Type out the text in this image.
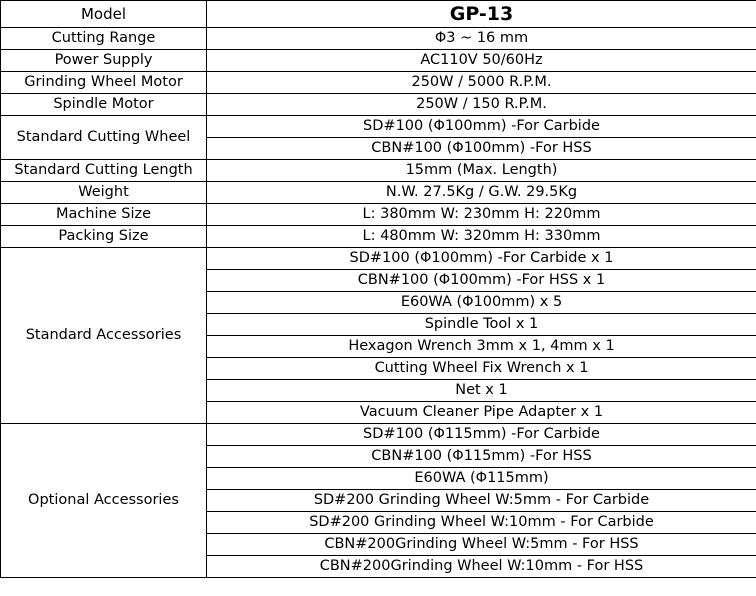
Model	GP-13
Cutting Range	Φ3 ~ 16 mm
Power Supply	AC110V 50/60Hz
Grinding Wheel Motor	250W / 5000 R.P.M.
Spindle Motor	250W / 150 R.P.M.
Standard Cutting Wheel	SD#100 (Φ100mm) -For Carbide
	CBN#100 (Φ100mm) -For HSS
Standard Cutting Length	15mm (Max. Length)
Weight	N.W. 27.5Kg / G.W. 29.5Kg
Machine Size	L: 380mm W: 230mm H: 220mm
Packing Size	L: 480mm W: 320mm H: 330mm
Standard Accessories	SD#100 (Φ100mm) -For Carbide x 1
	CBN#100 (Φ100mm) -For HSS x 1
	E60WA (Φ100mm) x 5
	Spindle Tool x 1
	Hexagon Wrench 3mm x 1, 4mm x 1
	Cutting Wheel Fix Wrench x 1
	Net x 1
	Vacuum Cleaner Pipe Adapter x 1
Optional Accessories	SD#100 (Φ115mm) -For Carbide
	CBN#100 (Φ115mm) -For HSS
	E60WA (Φ115mm)
	SD#200 Grinding Wheel W:5mm - For Carbide
	SD#200 Grinding Wheel W:10mm - For Carbide
	CBN#200Grinding Wheel W:5mm - For HSS
	CBN#200Grinding Wheel W:10mm - For HSS
